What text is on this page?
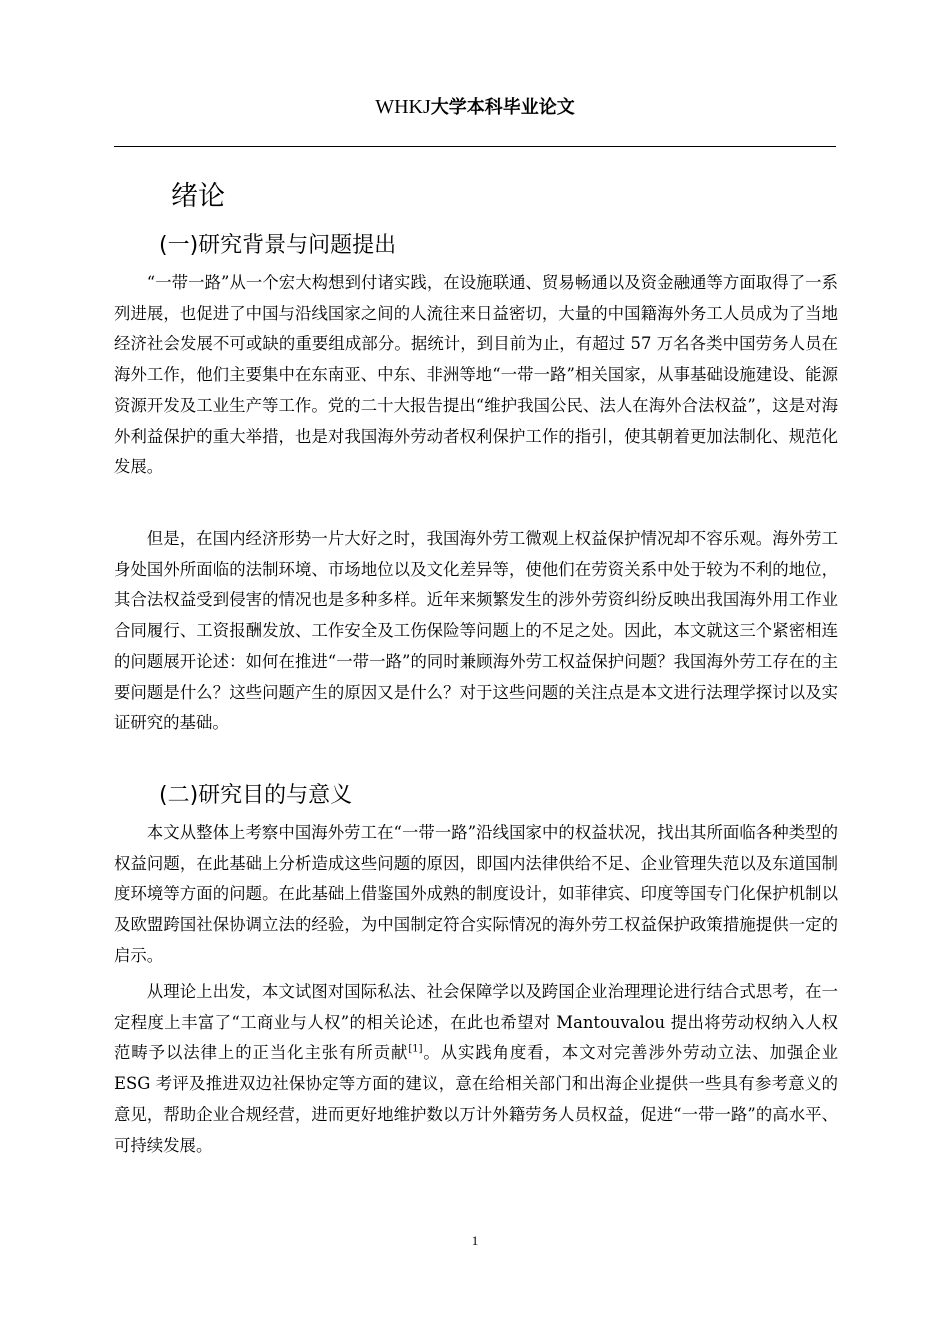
WHKJ大学本科毕业论文
绪论
(一)研究背景与问题提出

“一带一路”从一个宏大构想到付诸实践，在设施联通、贸易畅通以及资金融通等方面取得了一系列进展，也促进了中国与沿线国家之间的人流往来日益密切，大量的中国籍海外务工人员成为了当地经济社会发展不可或缺的重要组成部分。据统计，到目前为止，有超过 57 万名各类中国劳务人员在海外工作，他们主要集中在东南亚、中东、非洲等地“一带一路”相关国家，从事基础设施建设、能源资源开发及工业生产等工作。党的二十大报告提出“维护我国公民、法人在海外合法权益”，这是对海外利益保护的重大举措，也是对我国海外劳动者权利保护工作的指引，使其朝着更加法制化、规范化发展。

但是，在国内经济形势一片大好之时，我国海外劳工微观上权益保护情况却不容乐观。海外劳工身处国外所面临的法制环境、市场地位以及文化差异等，使他们在劳资关系中处于较为不利的地位，其合法权益受到侵害的情况也是多种多样。近年来频繁发生的涉外劳资纠纷反映出我国海外用工作业合同履行、工资报酬发放、工作安全及工伤保险等问题上的不足之处。因此，本文就这三个紧密相连的问题展开论述：如何在推进“一带一路”的同时兼顾海外劳工权益保护问题？我国海外劳工存在的主要问题是什么？这些问题产生的原因又是什么？对于这些问题的关注点是本文进行法理学探讨以及实证研究的基础。

(二)研究目的与意义

本文从整体上考察中国海外劳工在“一带一路”沿线国家中的权益状况，找出其所面临各种类型的权益问题，在此基础上分析造成这些问题的原因，即国内法律供给不足、企业管理失范以及东道国制度环境等方面的问题。在此基础上借鉴国外成熟的制度设计，如菲律宾、印度等国专门化保护机制以及欧盟跨国社保协调立法的经验，为中国制定符合实际情况的海外劳工权益保护政策措施提供一定的启示。

从理论上出发，本文试图对国际私法、社会保障学以及跨国企业治理理论进行结合式思考，在一定程度上丰富了“工商业与人权”的相关论述，在此也希望对 Mantouvalou 提出将劳动权纳入人权范畴予以法律上的正当化主张有所贡献[1]。从实践角度看，本文对完善涉外劳动立法、加强企业 ESG 考评及推进双边社保协定等方面的建议，意在给相关部门和出海企业提供一些具有参考意义的意见，帮助企业合规经营，进而更好地维护数以万计外籍劳务人员权益，促进“一带一路”的高水平、可持续发展。

1
